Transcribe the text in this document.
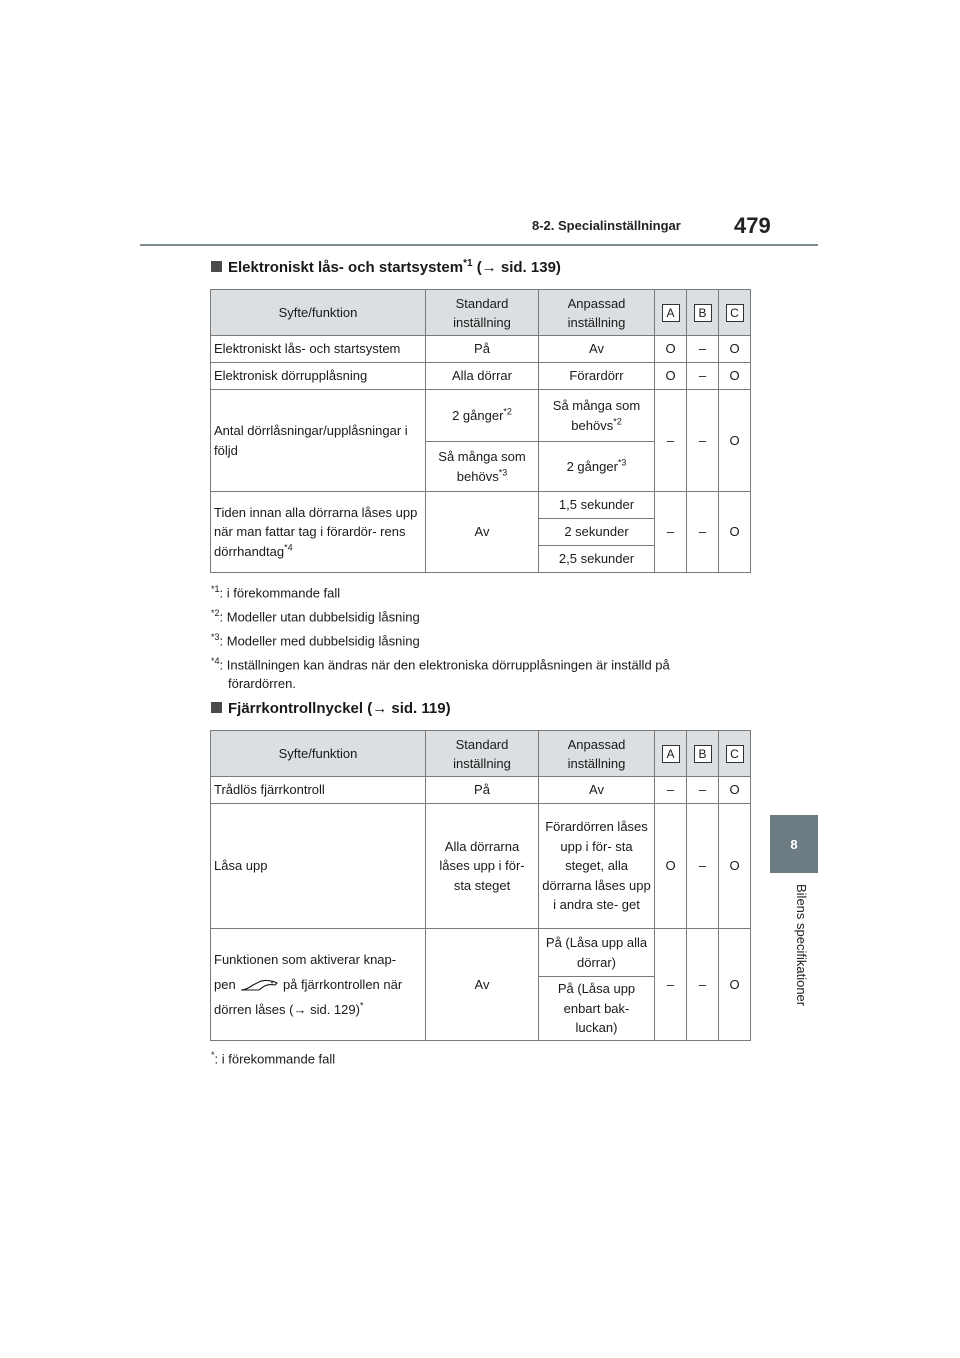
8-2. Specialinställningar 479
8
Bilens specifikationer
Elektroniskt lås- och startsystem$^{*1}$ (→ sid. 139)
Syfte/funktion	Standard inställning	Anpassad inställning	A	B	C
Elektroniskt lås- och startsystem	På	Av	O	–	O
Elektronisk dörrupplåsning	Alla dörrar	Förardörr	O	–	O
Antal dörrlåsningar/upplåsningar i följd	2 gånger$^{*2}$	Så många som behövs$^{*2}$	–	–	O
	Så många som behövs$^{*3}$	2 gånger$^{*3}$
Tiden innan alla dörrarna låses upp när man fattar tag i förardör- rens dörrhandtag$^{*4}$	Av	1,5 sekunder	–	–	O
		2 sekunder			
		2,5 sekunder			
$^{*1}$: i förekommande fall
$^{*2}$: Modeller utan dubbelsidig låsning
$^{*3}$: Modeller med dubbelsidig låsning
$^{*4}$: Inställningen kan ändras när den elektroniska dörrupplåsningen är inställd på
förardörren.
Fjärrkontrollnyckel (→ sid. 119)
Syfte/funktion	Standard inställning	Anpassad inställning	A	B	C
Trådlös fjärrkontroll	På	Av	–	–	O
Låsa upp	Alla dörrarna låses upp i för- sta steget	Förardörren låses upp i för- sta steget, alla dörrarna låses upp i andra ste- get	O	–	O
Funktionen som aktiverar knap-
pen på fjärrkontrollen när
dörren låses (→ sid. 129)*	Av	På (Låsa upp alla dörrar)	–	–	O
		På (Låsa upp enbart bak- luckan)			
*: i förekommande fall
